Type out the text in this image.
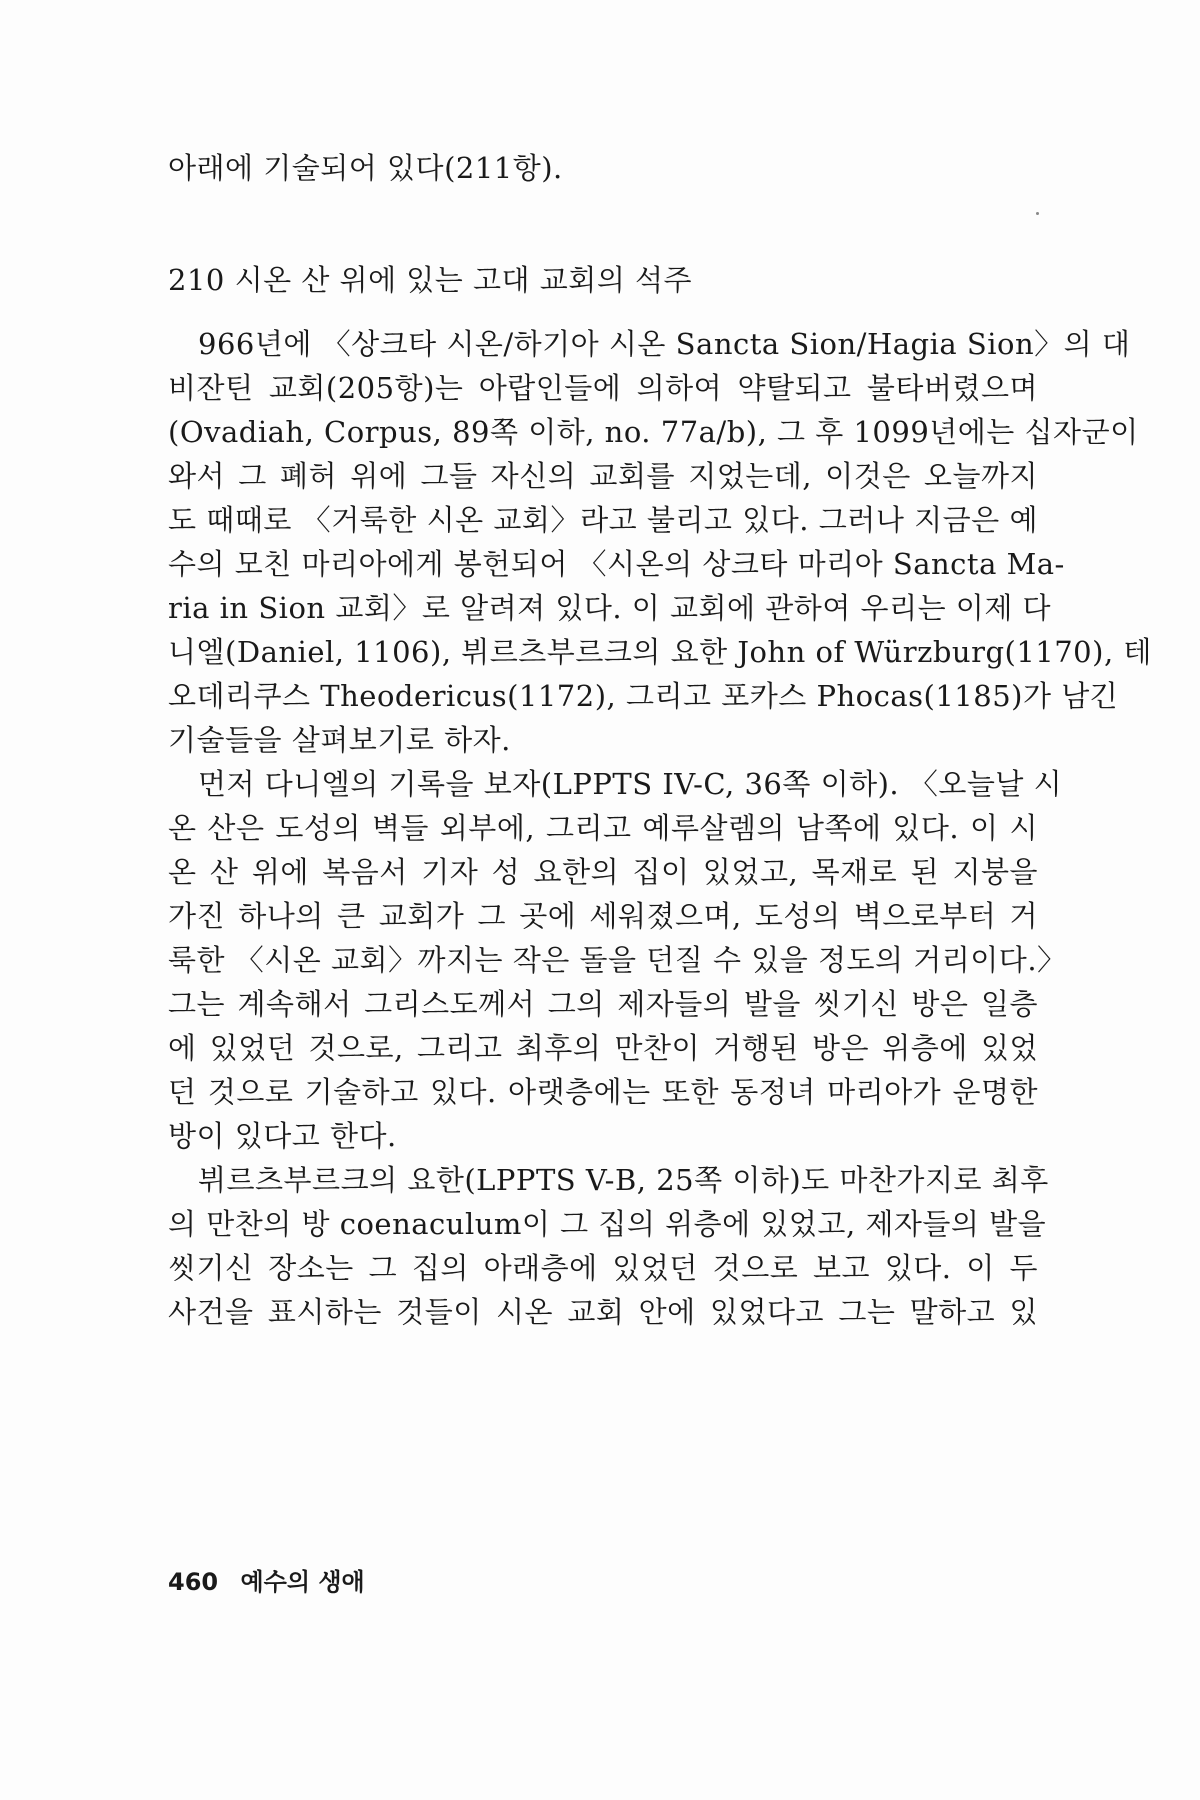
아래에 기술되어 있다(211항).
210 시온 산 위에 있는 고대 교회의 석주
966년에 〈상크타 시온/하기아 시온 Sancta Sion/Hagia Sion〉의 대
비잔틴 교회(205항)는 아랍인들에 의하여 약탈되고 불타버렸으며
(Ovadiah, Corpus, 89쪽 이하, no. 77a/b), 그 후 1099년에는 십자군이
와서 그 폐허 위에 그들 자신의 교회를 지었는데, 이것은 오늘까지
도 때때로 〈거룩한 시온 교회〉라고 불리고 있다. 그러나 지금은 예
수의 모친 마리아에게 봉헌되어 〈시온의 상크타 마리아 Sancta Ma-
ria in Sion 교회〉로 알려져 있다. 이 교회에 관하여 우리는 이제 다
니엘(Daniel, 1106), 뷔르츠부르크의 요한 John of Würzburg(1170), 테
오데리쿠스 Theodericus(1172), 그리고 포카스 Phocas(1185)가 남긴
기술들을 살펴보기로 하자.
먼저 다니엘의 기록을 보자(LPPTS IV-C, 36쪽 이하). 〈오늘날 시
온 산은 도성의 벽들 외부에, 그리고 예루살렘의 남쪽에 있다. 이 시
온 산 위에 복음서 기자 성 요한의 집이 있었고, 목재로 된 지붕을
가진 하나의 큰 교회가 그 곳에 세워졌으며, 도성의 벽으로부터 거
룩한 〈시온 교회〉까지는 작은 돌을 던질 수 있을 정도의 거리이다.〉
그는 계속해서 그리스도께서 그의 제자들의 발을 씻기신 방은 일층
에 있었던 것으로, 그리고 최후의 만찬이 거행된 방은 위층에 있었
던 것으로 기술하고 있다. 아랫층에는 또한 동정녀 마리아가 운명한
방이 있다고 한다.
뷔르츠부르크의 요한(LPPTS V-B, 25쪽 이하)도 마찬가지로 최후
의 만찬의 방 coenaculum이 그 집의 위층에 있었고, 제자들의 발을
씻기신 장소는 그 집의 아래층에 있었던 것으로 보고 있다. 이 두
사건을 표시하는 것들이 시온 교회 안에 있었다고 그는 말하고 있
460 예수의 생애
